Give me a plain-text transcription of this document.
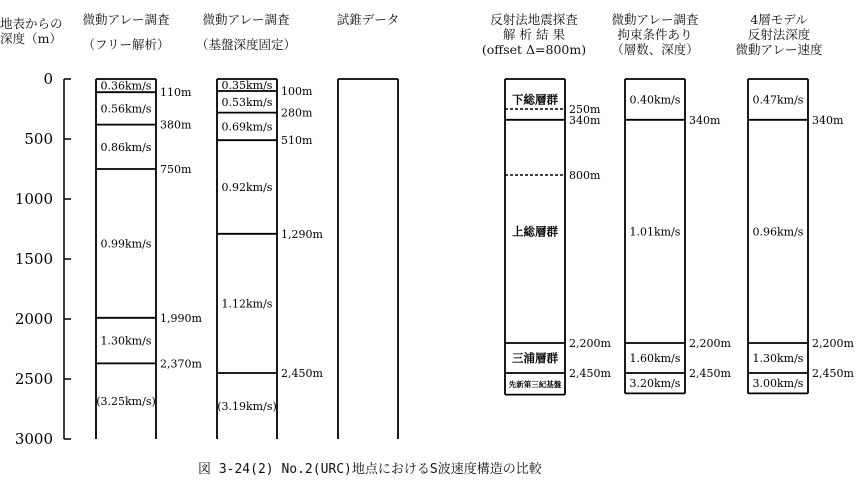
地表からの
深度（m）
微動アレー調査
（フリー解析）
微動アレー調査
（基盤深度固定）
試錐データ	反射法地震探査
解 析 結 果
(offset Δ=800m)
微動アレー調査
拘束条件あり
（層数、深度）
4層モデル
反射法深度
微動アレー速度
0
500
1000
1500
2000
2500
3000
110m
380m
750m
1,990m
2,370m
0.36km/s
0.56km/s
0.86km/s
0.99km/s
1.30km/s
(3.25km/s)
100m
280m
510m
1,290m
2,450m
0.35km/s
0.53km/s
0.69km/s
0.92km/s
1.12km/s
(3.19km/s)
250m
340m
800m
2,200m
2,450m
下総層群
上総層群
三浦層群
先新第三紀基盤
340m
2,200m
2,450m
0.40km/s
1.01km/s
1.60km/s
3.20km/s
340m
2,200m
2,450m
0.47km/s
0.96km/s
1.30km/s
3.00km/s
図 3-24(2) No.2(URC)地点におけるS波速度構造の比較
